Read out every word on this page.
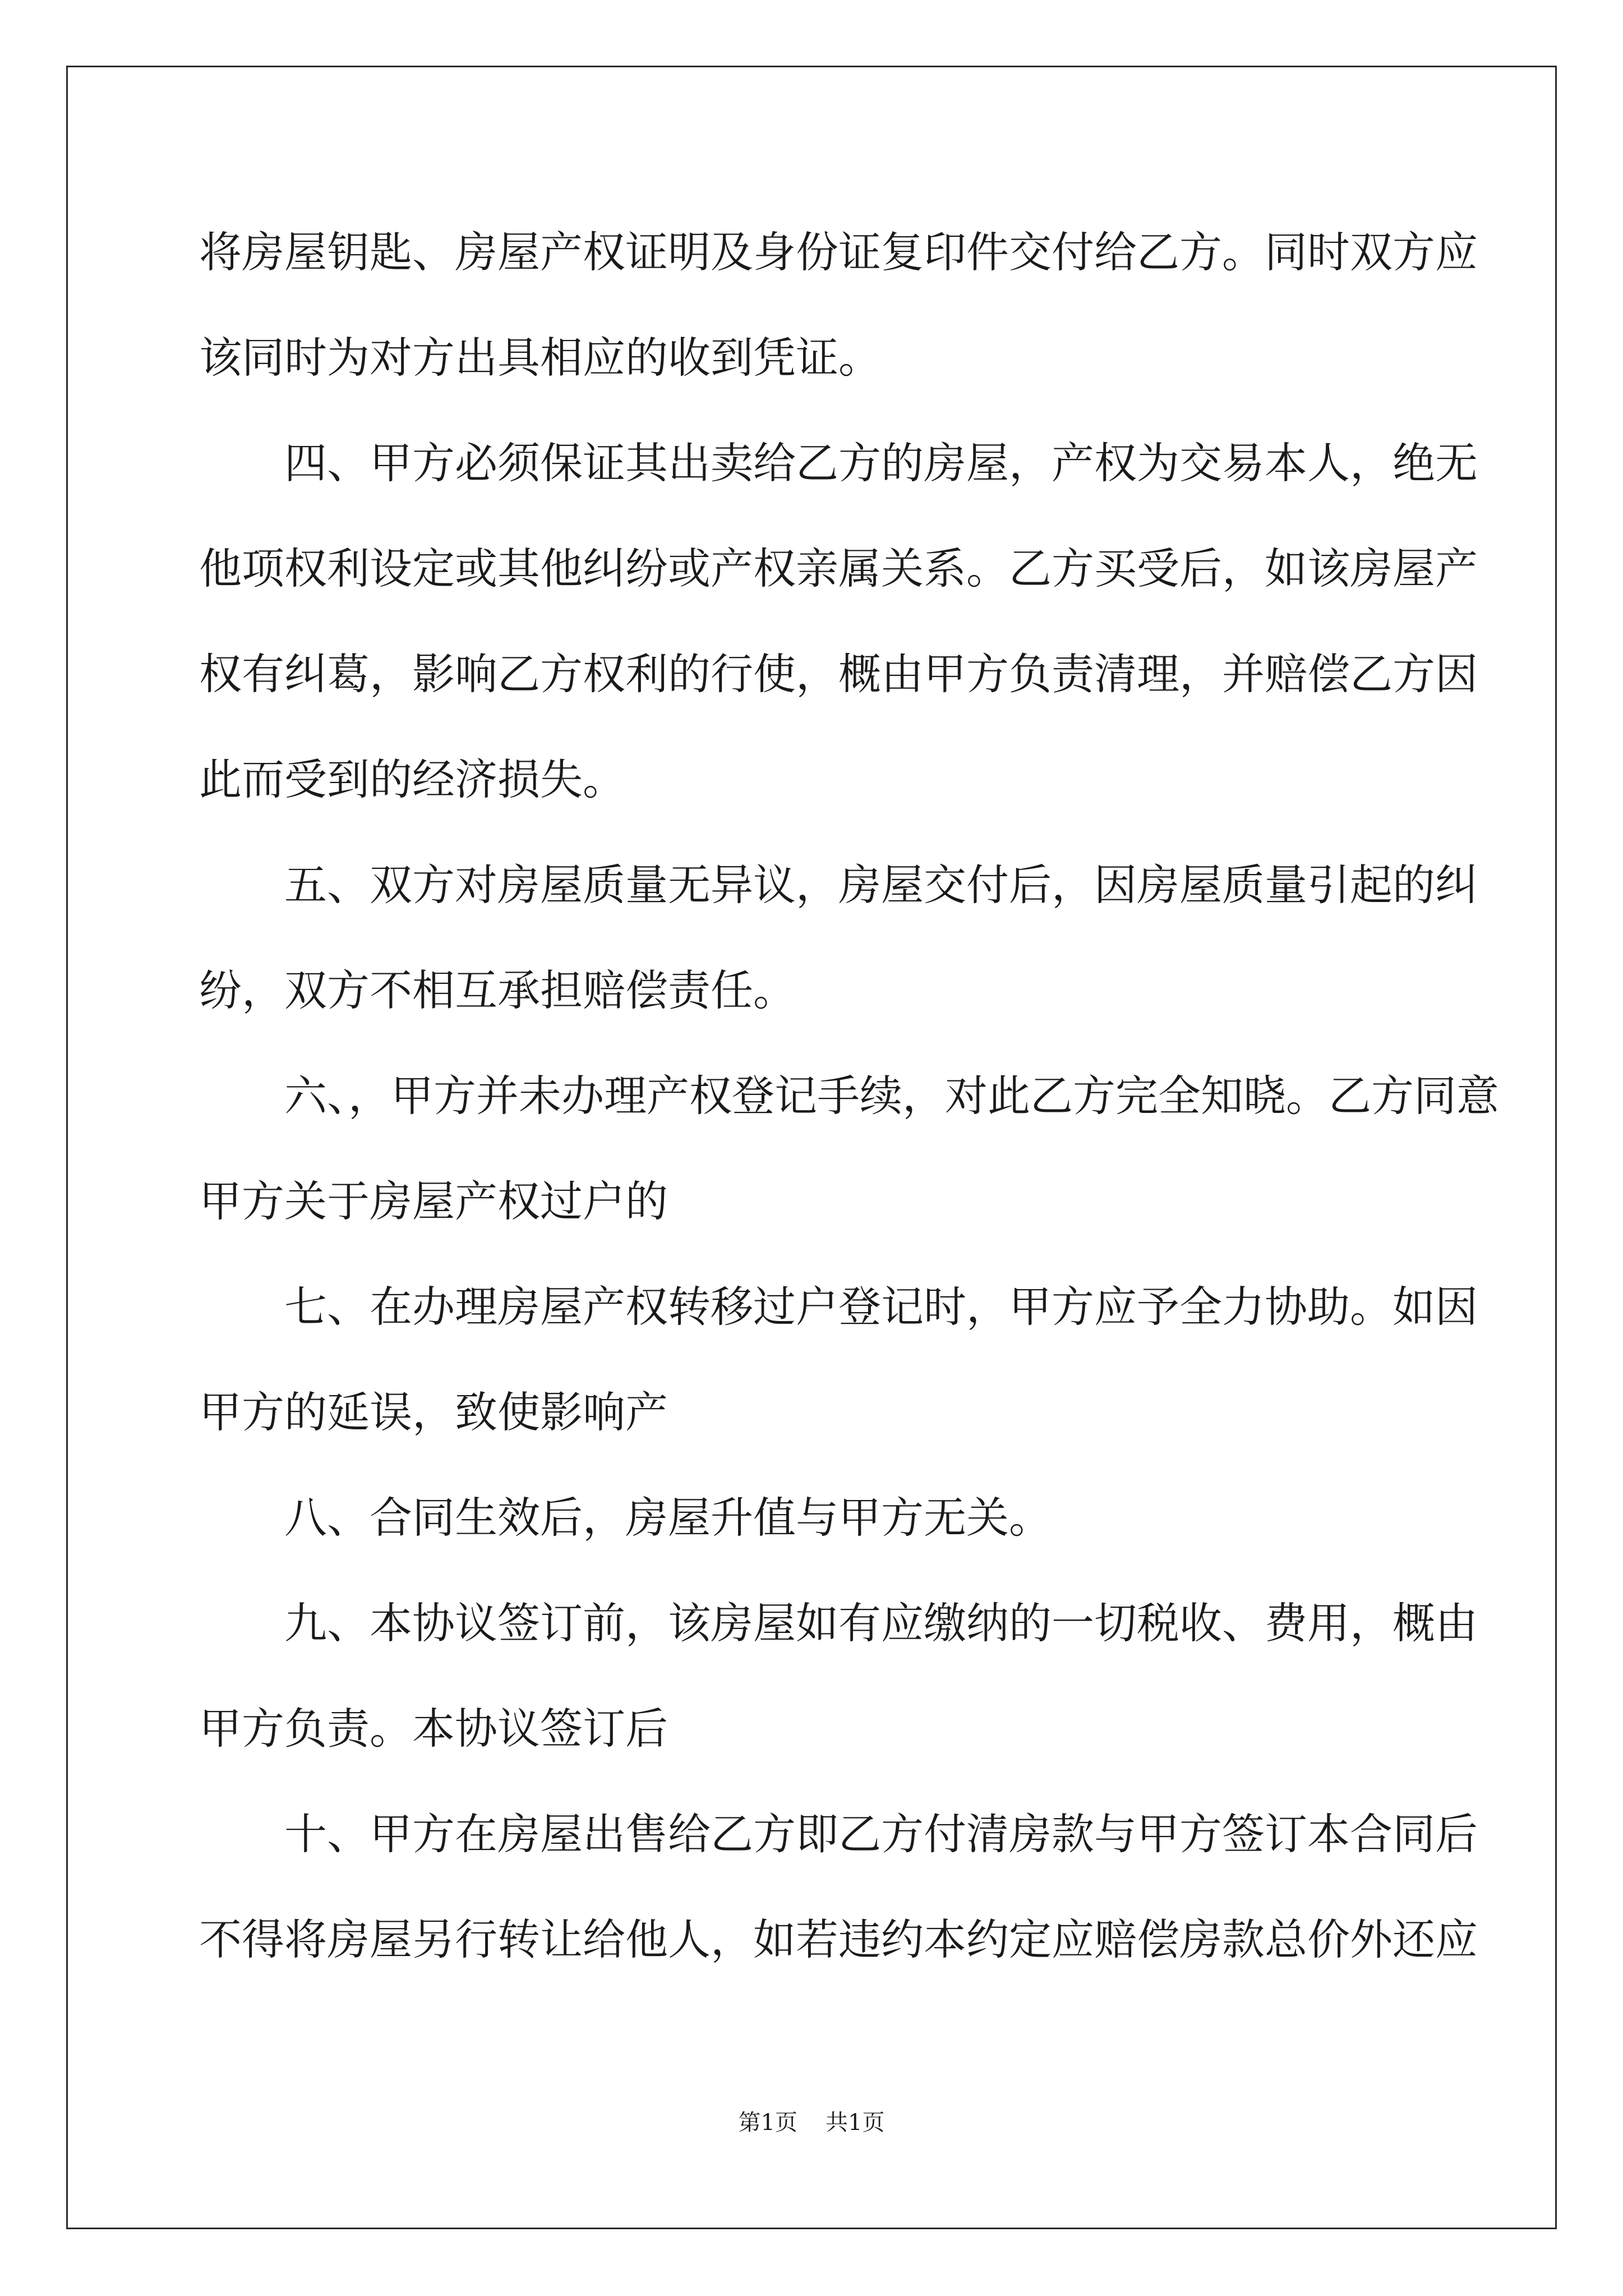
将房屋钥匙、房屋产权证明及身份证复印件交付给乙方。同时双方应
该同时为对方出具相应的收到凭证。
　　四、甲方必须保证其出卖给乙方的房屋，产权为交易本人，绝无
他项权利设定或其他纠纷或产权亲属关系。乙方买受后，如该房屋产
权有纠葛，影响乙方权利的行使，概由甲方负责清理，并赔偿乙方因
此而受到的经济损失。
　　五、双方对房屋质量无异议，房屋交付后，因房屋质量引起的纠
纷，双方不相互承担赔偿责任。
　　六、，甲方并未办理产权登记手续，对此乙方完全知晓。乙方同意
甲方关于房屋产权过户的
　　七、在办理房屋产权转移过户登记时，甲方应予全力协助。如因
甲方的延误，致使影响产
　　八、合同生效后，房屋升值与甲方无关。
　　九、本协议签订前，该房屋如有应缴纳的一切税收、费用，概由
甲方负责。本协议签订后
　　十、甲方在房屋出售给乙方即乙方付清房款与甲方签订本合同后
不得将房屋另行转让给他人，如若违约本约定应赔偿房款总价外还应
第1页 共1页
